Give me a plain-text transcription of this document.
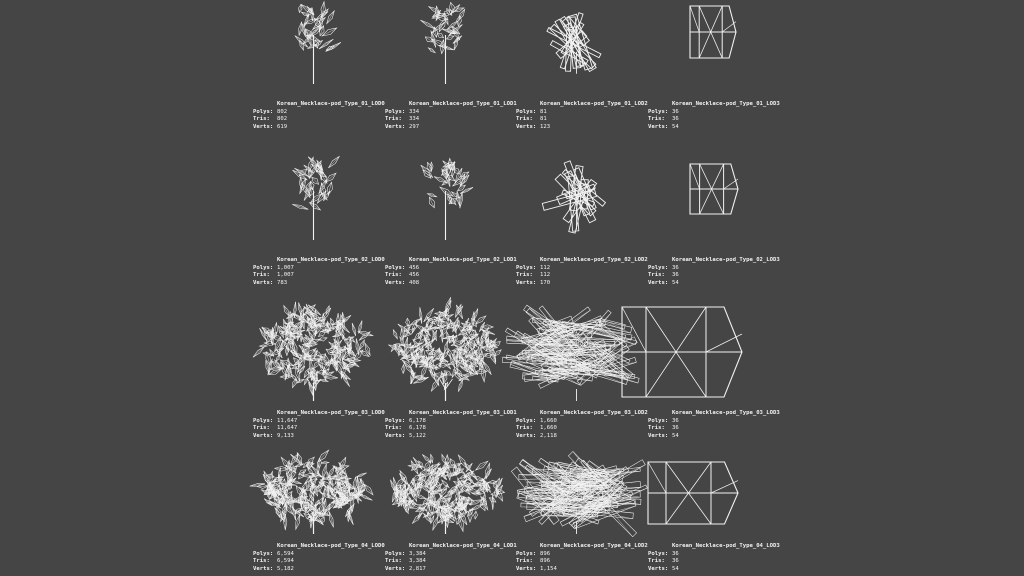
Korean_Necklace-pod_Type_01_LOD0
Polys: 802
Tris: 802
Verts: 619
Korean_Necklace-pod_Type_01_LOD1
Polys: 334
Tris: 334
Verts: 297
Korean_Necklace-pod_Type_01_LOD2
Polys: 81
Tris: 81
Verts: 123
Korean_Necklace-pod_Type_01_LOD3
Polys: 36
Tris: 36
Verts: 54
Korean_Necklace-pod_Type_02_LOD0
Polys: 1,007
Tris: 1,007
Verts: 783
Korean_Necklace-pod_Type_02_LOD1
Polys: 456
Tris: 456
Verts: 408
Korean_Necklace-pod_Type_02_LOD2
Polys: 112
Tris: 112
Verts: 170
Korean_Necklace-pod_Type_02_LOD3
Polys: 36
Tris: 36
Verts: 54
Korean_Necklace-pod_Type_03_LOD0
Polys: 11,647
Tris: 11,647
Verts: 9,133
Korean_Necklace-pod_Type_03_LOD1
Polys: 6,178
Tris: 6,178
Verts: 5,122
Korean_Necklace-pod_Type_03_LOD2
Polys: 1,660
Tris: 1,660
Verts: 2,118
Korean_Necklace-pod_Type_03_LOD3
Polys: 36
Tris: 36
Verts: 54
Korean_Necklace-pod_Type_04_LOD0
Polys: 6,594
Tris: 6,594
Verts: 5,182
Korean_Necklace-pod_Type_04_LOD1
Polys: 3,384
Tris: 3,384
Verts: 2,817
Korean_Necklace-pod_Type_04_LOD2
Polys: 896
Tris: 896
Verts: 1,154
Korean_Necklace-pod_Type_04_LOD3
Polys: 36
Tris: 36
Verts: 54
